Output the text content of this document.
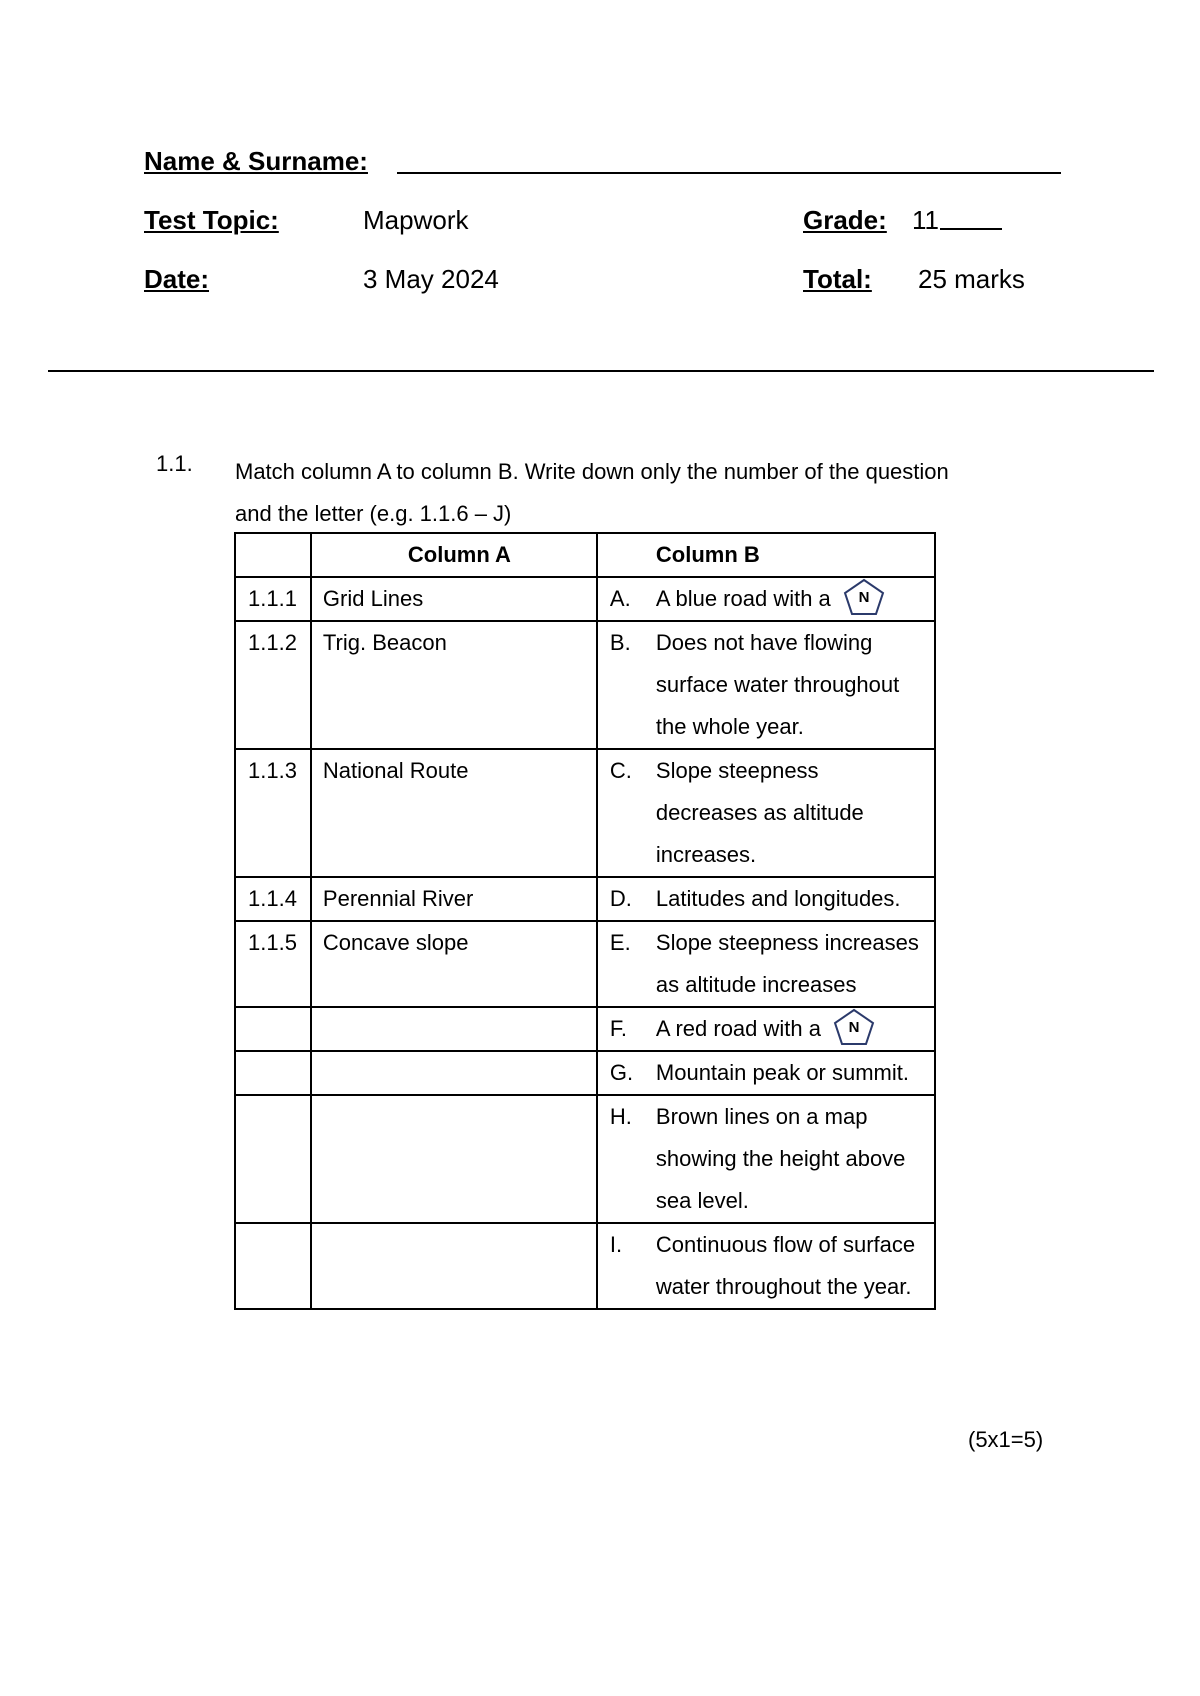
Name & Surname:
Test Topic:	Mapwork	Grade: 11
Date:	3 May 2024	Total: 25 marks
1.1. Match column A to column B. Write down only the number of the question and the letter (e.g. 1.1.6 – J)
	Column A	Column B
1.1.1	Grid Lines	A. A blue road with a N

1.1.2	Trig. Beacon	B. Does not have flowing surface water throughout the whole year.

1.1.3	National Route	C. Slope steepness decreases as altitude increases.

1.1.4	Perennial River	D. Latitudes and longitudes.

1.1.5	Concave slope	E. Slope steepness increases as altitude increases

		F. A red road with a N

		G. Mountain peak or summit.

		H. Brown lines on a map showing the height above sea level.

		I. Continuous flow of surface water throughout the year.
(5x1=5)
